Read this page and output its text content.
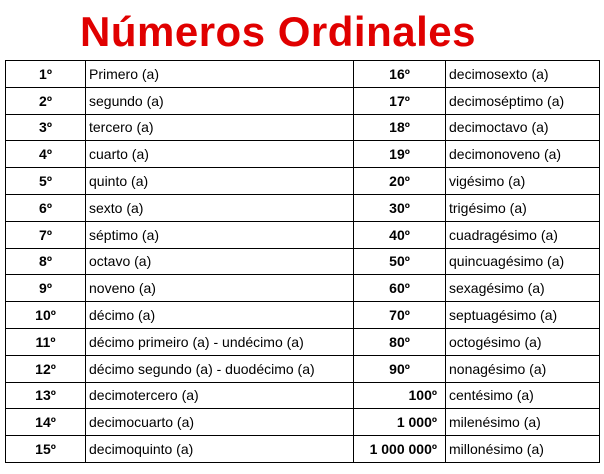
Números Ordinales
1º	Primero (a)	16º	decimosexto (a)
2º	segundo (a)	17º	decimoséptimo (a)
3º	tercero (a)	18º	decimoctavo (a)
4º	cuarto (a)	19º	decimonoveno (a)
5º	quinto (a)	20º	vigésimo (a)
6º	sexto (a)	30º	trigésimo (a)
7º	séptimo (a)	40º	cuadragésimo (a)
8º	octavo (a)	50º	quincuagésimo (a)
9º	noveno (a)	60º	sexagésimo (a)
10º	décimo (a)	70º	septuagésimo (a)
11º	décimo primeiro (a) - undécimo (a)	80º	octogésimo (a)
12º	décimo segundo (a) - duodécimo (a)	90º	nonagésimo (a)
13º	decimotercero (a)	100º	centésimo (a)
14º	decimocuarto (a)	1 000º	milenésimo (a)
15º	decimoquinto (a)	1 000 000º	millonésimo (a)
